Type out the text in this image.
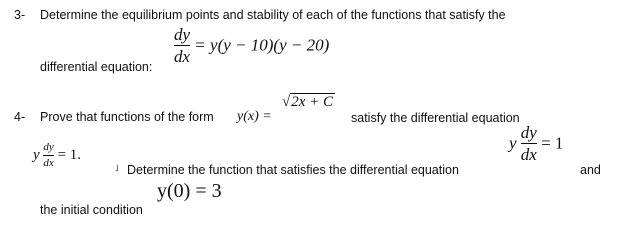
3- Determine the equilibrium points and stability of each of the functions that satisfy the
$\frac{dy}{dx} = y(y - 10)(y - 20)$
differential equation:
4- Prove that functions of the form y(x) =
√2x + C
satisfy the differential equation
y $\frac{dy}{dx} = 1$
y $\frac{dy}{dx} = 1$.
˩ Determine the function that satisfies the differential equation	and
y(0) = 3
the initial condition
